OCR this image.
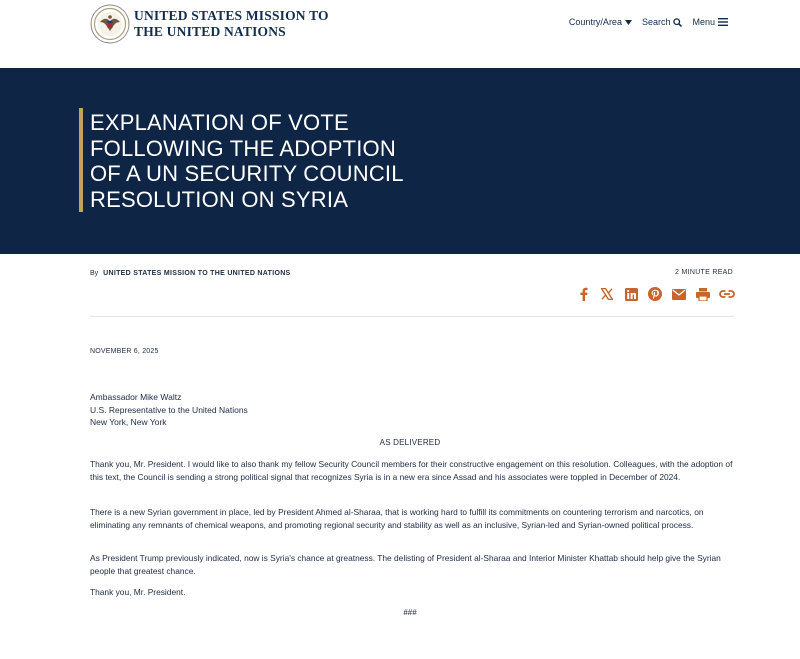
UNITED STATES MISSION TO
THE UNITED NATIONS
Country/Area Search Menu
EXPLANATION OF VOTE
FOLLOWING THE ADOPTION
OF A UN SECURITY COUNCIL
RESOLUTION ON SYRIA
By UNITED STATES MISSION TO THE UNITED NATIONS	2 MINUTE READ
NOVEMBER 6, 2025
Ambassador Mike Waltz
U.S. Representative to the United Nations
New York, New York
AS DELIVERED

Thank you, Mr. President. I would like to also thank my fellow Security Council members for their constructive engagement on this resolution. Colleagues, with the adoption of this text, the Council is sending a strong political signal that recognizes Syria is in a new era since Assad and his associates were toppled in December of 2024.

There is a new Syrian government in place, led by President Ahmed al-Sharaa, that is working hard to fulfill its commitments on countering terrorism and narcotics, on eliminating any remnants of chemical weapons, and promoting regional security and stability as well as an inclusive, Syrian-led and Syrian-owned political process.

As President Trump previously indicated, now is Syria's chance at greatness. The delisting of President al-Sharaa and Interior Minister Khattab should help give the Syrian people that greatest chance.

Thank you, Mr. President.
###
